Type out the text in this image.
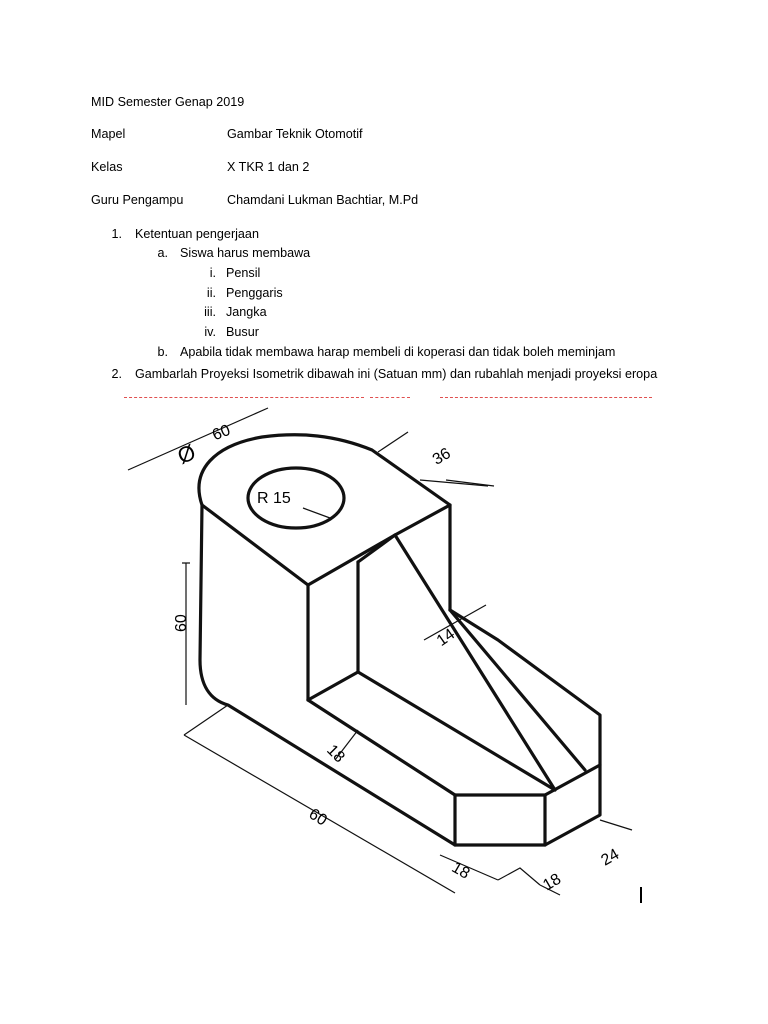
MID Semester Genap 2019
Mapel	Gambar Teknik Otomotif
Kelas	X TKR 1 dan 2
Guru Pengampu	Chamdani Lukman Bachtiar, M.Pd
1. Ketentuan pengerjaan
a. Siswa harus membawa
i. Pensil
ii. Penggaris
iii. Jangka
iv. Busur
b. Apabila tidak membawa harap membeli di koperasi dan tidak boleh meminjam
2. Gambarlah Proyeksi Isometrik dibawah ini (Satuan mm) dan rubahlah menjadi proyeksi eropa
Ø
60
36
R 15
60
14
18
60
18	18
24
